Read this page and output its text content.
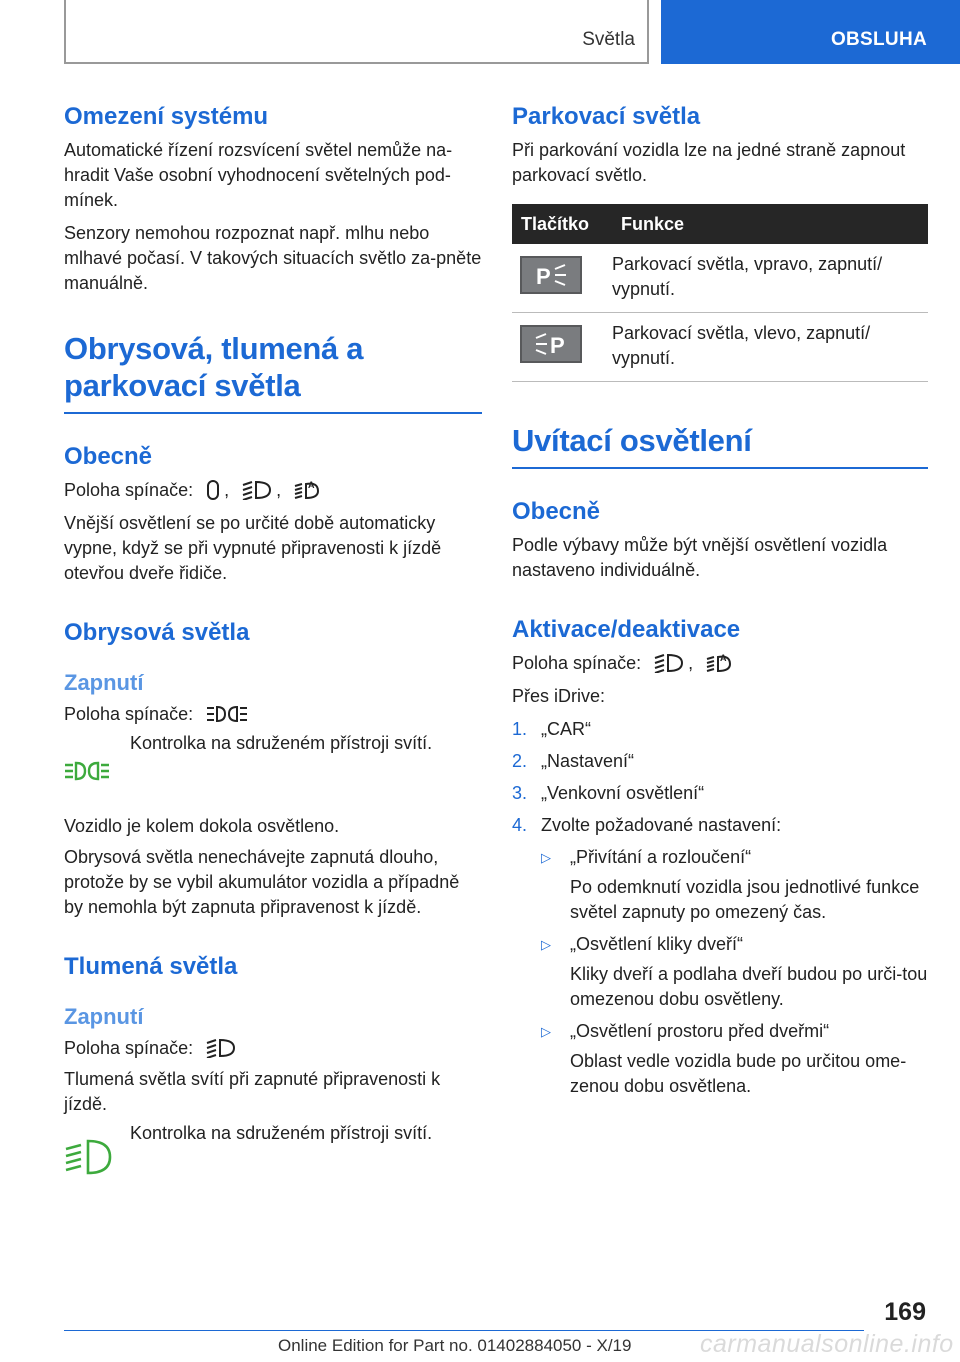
Světla	OBSLUHA
Omezení systému

Automatické řízení rozsvícení světel nemůže na-hradit Vaše osobní vyhodnocení světelných pod-mínek.

Senzory nemohou rozpoznat např. mlhu nebo mlhavé počasí. V takových situacích světlo za-pněte manuálně.

Obrysová, tlumená a parkovací světla
Obecně

Poloha spínače: ,	,	A

Vnější osvětlení se po určité době automaticky vypne, když se při vypnuté připravenosti k jízdě otevřou dveře řidiče.

Obrysová světla
Zapnutí

Poloha spínače:

Kontrolka na sdruženém přístroji svítí.

Vozidlo je kolem dokola osvětleno.

Obrysová světla nenechávejte zapnutá dlouho, protože by se vybil akumulátor vozidla a případně by nemohla být zapnuta připravenost k jízdě.

Tlumená světla
Zapnutí

Poloha spínače:

Tlumená světla svítí při zapnuté připravenosti k jízdě.

Kontrolka na sdruženém přístroji svítí.

Parkovací světla

Při parkování vozidla lze na jedné straně zapnout parkovací světlo.

Tlačítko	Funkce

P	Parkovací světla, vpravo, zapnutí/ vypnutí.

P	Parkovací světla, vlevo, zapnutí/ vypnutí.
Uvítací osvětlení
Obecně

Podle výbavy může být vnější osvětlení vozidla nastaveno individuálně.

Aktivace/deaktivace

Poloha spínače:	,	A

Přes iDrive:

1. „CAR“
2. „Nastavení“
3. „Venkovní osvětlení“
4. Zvolte požadované nastavení:
▷	„Přivítání a rozloučení“

Po odemknutí vozidla jsou jednotlivé funkce světel zapnuty po omezený čas.

▷	„Osvětlení kliky dveří“

Kliky dveří a podlaha dveří budou po urči-tou omezenou dobu osvětleny.

▷	„Osvětlení prostoru před dveřmi“

Oblast vedle vozidla bude po určitou ome-zenou dobu osvětlena.

169
Online Edition for Part no. 01402884050 - X/19	carmanualsonline.info
